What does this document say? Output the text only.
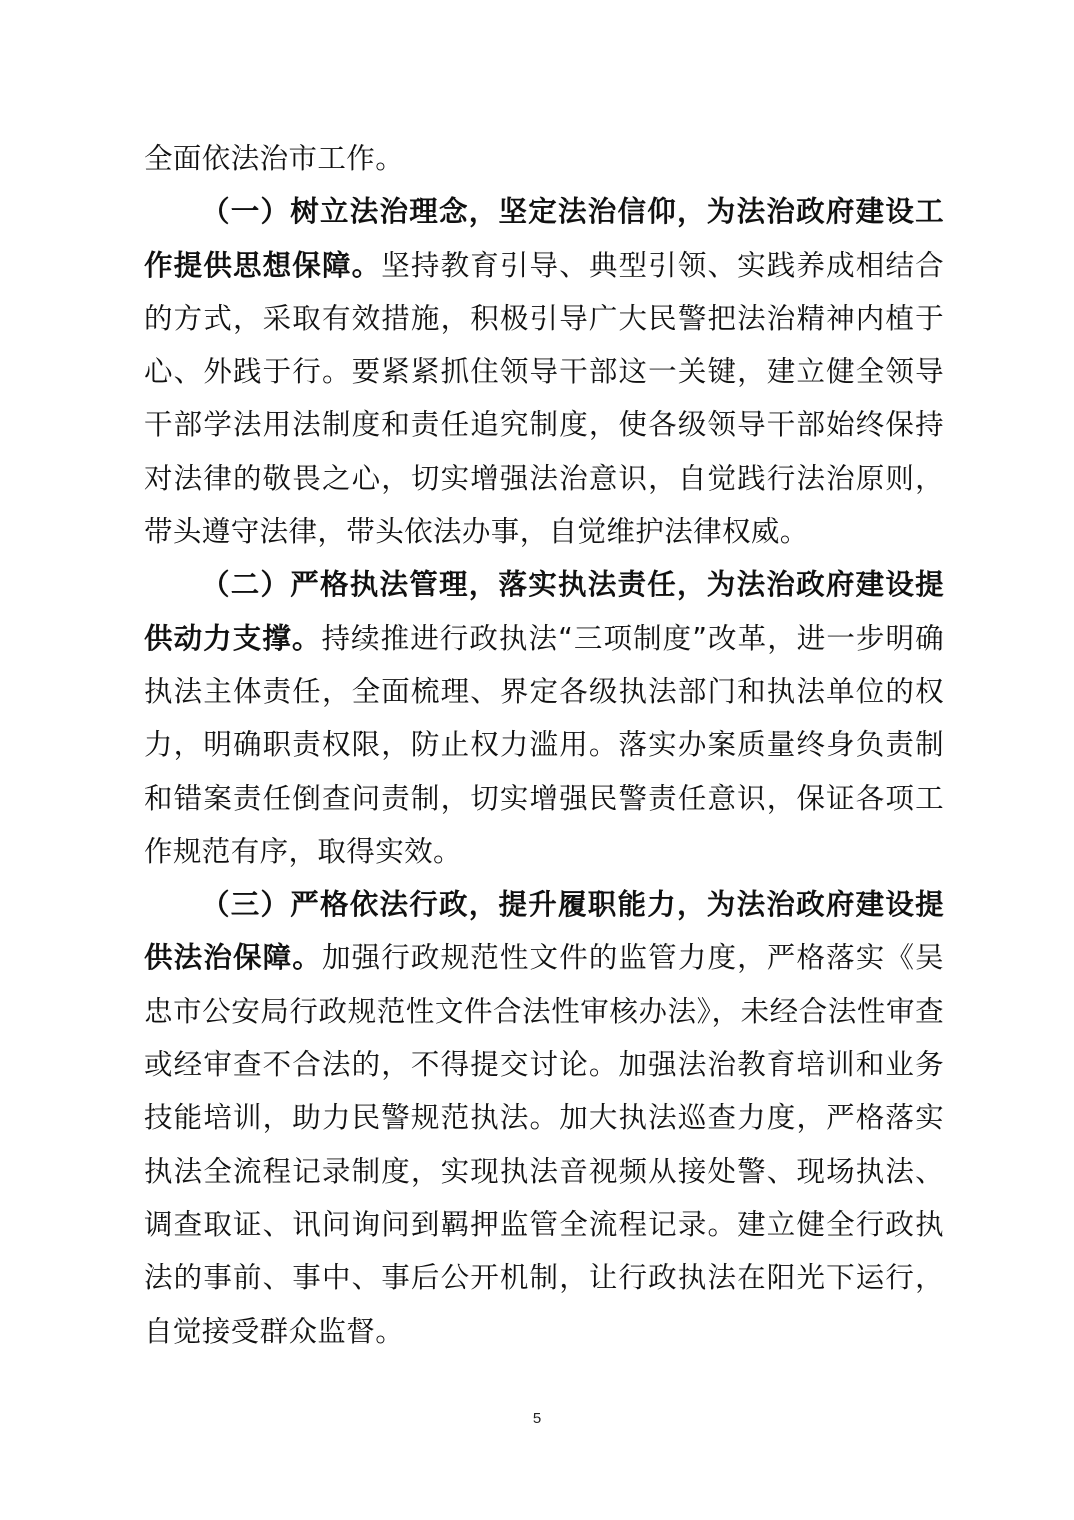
全面依法治市工作。

（一）树立法治理念，坚定法治信仰，为法治政府建设工作提供思想保障。坚持教育引导、典型引领、实践养成相结合的方式，采取有效措施，积极引导广大民警把法治精神内植于心、外践于行。要紧紧抓住领导干部这一关键，建立健全领导干部学法用法制度和责任追究制度，使各级领导干部始终保持对法律的敬畏之心，切实增强法治意识，自觉践行法治原则，带头遵守法律，带头依法办事，自觉维护法律权威。

（二）严格执法管理，落实执法责任，为法治政府建设提供动力支撑。持续推进行政执法“三项制度”改革，进一步明确执法主体责任，全面梳理、界定各级执法部门和执法单位的权力，明确职责权限，防止权力滥用。落实办案质量终身负责制和错案责任倒查问责制，切实增强民警责任意识，保证各项工作规范有序，取得实效。

（三）严格依法行政，提升履职能力，为法治政府建设提供法治保障。加强行政规范性文件的监管力度，严格落实《吴忠市公安局行政规范性文件合法性审核办法》，未经合法性审查或经审查不合法的，不得提交讨论。加强法治教育培训和业务技能培训，助力民警规范执法。加大执法巡查力度，严格落实执法全流程记录制度，实现执法音视频从接处警、现场执法、调查取证、讯问询问到羁押监管全流程记录。建立健全行政执法的事前、事中、事后公开机制，让行政执法在阳光下运行，自觉接受群众监督。

5
